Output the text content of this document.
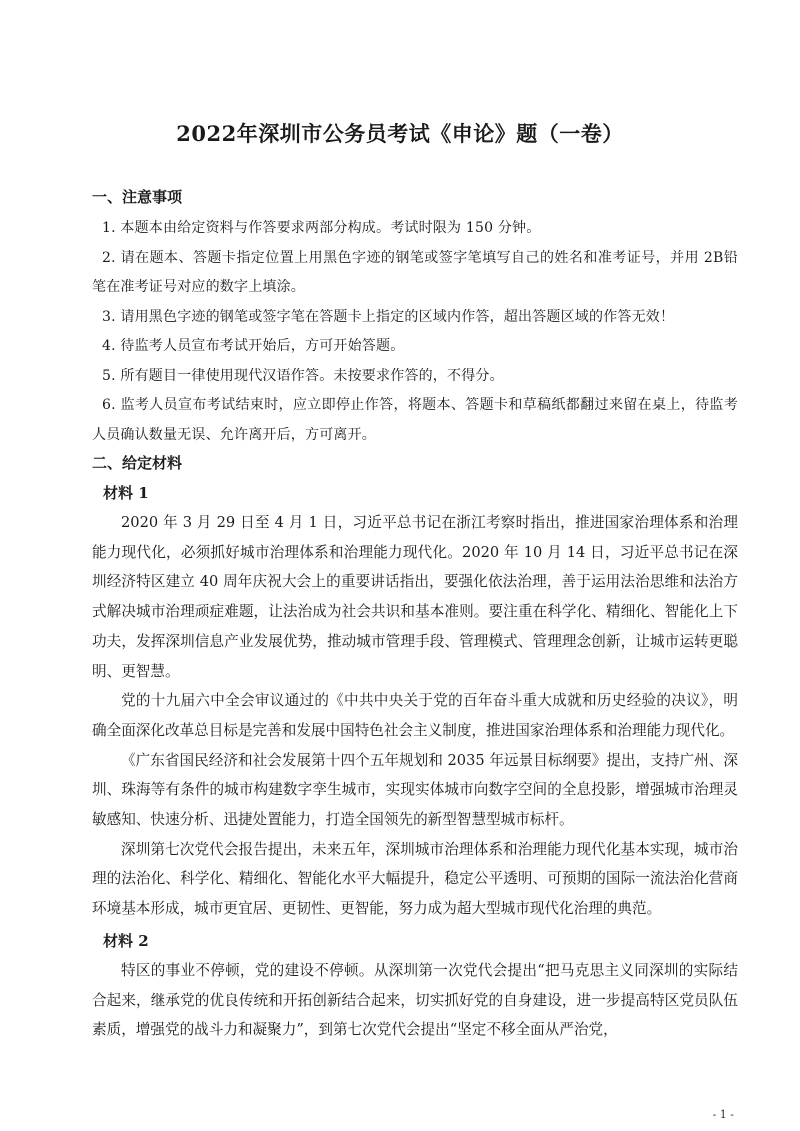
2022年深圳市公务员考试《申论》题（一卷）
一、注意事项

1. 本题本由给定资料与作答要求两部分构成。考试时限为 150 分钟。

2. 请在题本、答题卡指定位置上用黑色字迹的钢笔或签字笔填写自己的姓名和准考证号，并用 2B铅笔在准考证号对应的数字上填涂。

3. 请用黑色字迹的钢笔或签字笔在答题卡上指定的区域内作答，超出答题区域的作答无效！

4. 待监考人员宣布考试开始后，方可开始答题。

5. 所有题目一律使用现代汉语作答。未按要求作答的，不得分。

6. 监考人员宣布考试结束时，应立即停止作答，将题本、答题卡和草稿纸都翻过来留在桌上，待监考人员确认数量无误、允许离开后，方可离开。

二、给定材料
材料 1

2020 年 3 月 29 日至 4 月 1 日，习近平总书记在浙江考察时指出，推进国家治理体系和治理能力现代化，必须抓好城市治理体系和治理能力现代化。2020 年 10 月 14 日，习近平总书记在深圳经济特区建立 40 周年庆祝大会上的重要讲话指出，要强化依法治理，善于运用法治思维和法治方式解决城市治理顽症难题，让法治成为社会共识和基本准则。要注重在科学化、精细化、智能化上下功夫，发挥深圳信息产业发展优势，推动城市管理手段、管理模式、管理理念创新，让城市运转更聪明、更智慧。

党的十九届六中全会审议通过的《中共中央关于党的百年奋斗重大成就和历史经验的决议》，明确全面深化改革总目标是完善和发展中国特色社会主义制度，推进国家治理体系和治理能力现代化。

《广东省国民经济和社会发展第十四个五年规划和 2035 年远景目标纲要》提出，支持广州、深圳、珠海等有条件的城市构建数字孪生城市，实现实体城市向数字空间的全息投影，增强城市治理灵敏感知、快速分析、迅捷处置能力，打造全国领先的新型智慧型城市标杆。

深圳第七次党代会报告提出，未来五年，深圳城市治理体系和治理能力现代化基本实现，城市治理的法治化、科学化、精细化、智能化水平大幅提升，稳定公平透明、可预期的国际一流法治化营商环境基本形成，城市更宜居、更韧性、更智能，努力成为超大型城市现代化治理的典范。

材料 2

特区的事业不停顿，党的建设不停顿。从深圳第一次党代会提出“把马克思主义同深圳的实际结合起来，继承党的优良传统和开拓创新结合起来，切实抓好党的自身建设，进一步提高特区党员队伍素质，增强党的战斗力和凝聚力”，到第七次党代会提出“坚定不移全面从严治党，

- 1 -
